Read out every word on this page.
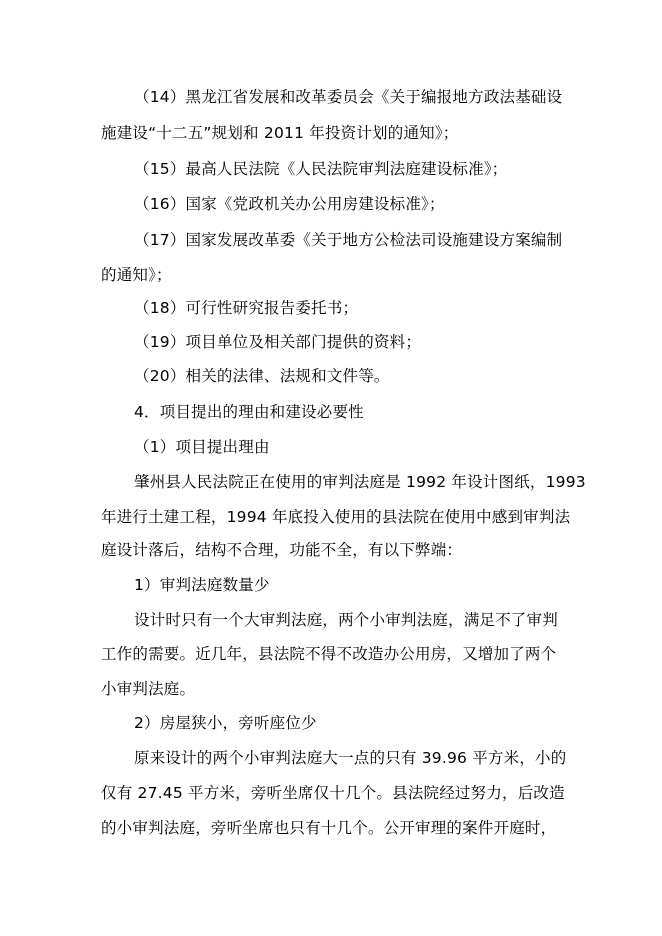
（14）黑龙江省发展和改革委员会《关于编报地方政法基础设
施建设“十二五”规划和 2011 年投资计划的通知》；
（15）最高人民法院《人民法院审判法庭建设标准》；
（16）国家《党政机关办公用房建设标准》；
（17）国家发展改革委《关于地方公检法司设施建设方案编制
的通知》；
（18）可行性研究报告委托书；
（19）项目单位及相关部门提供的资料；
（20）相关的法律、法规和文件等。
4．项目提出的理由和建设必要性
（1）项目提出理由
肇州县人民法院正在使用的审判法庭是 1992 年设计图纸，1993
年进行土建工程，1994 年底投入使用的县法院在使用中感到审判法
庭设计落后，结构不合理，功能不全，有以下弊端：
1）审判法庭数量少
设计时只有一个大审判法庭，两个小审判法庭，满足不了审判
工作的需要。近几年，县法院不得不改造办公用房，又增加了两个
小审判法庭。
2）房屋狭小，旁听座位少
原来设计的两个小审判法庭大一点的只有 39.96 平方米，小的
仅有 27.45 平方米，旁听坐席仅十几个。县法院经过努力，后改造
的小审判法庭，旁听坐席也只有十几个。公开审理的案件开庭时，
